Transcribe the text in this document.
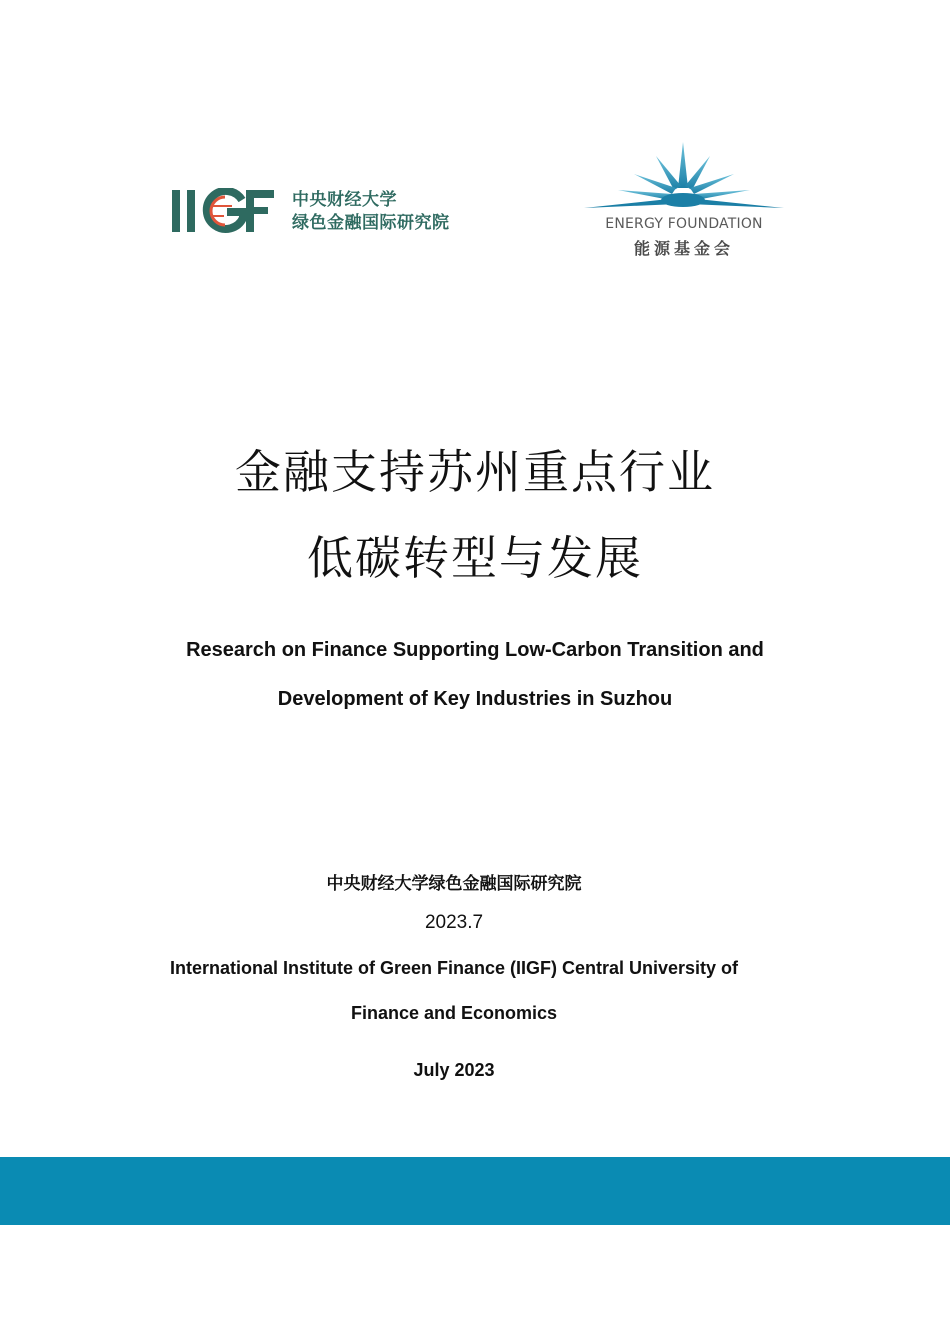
中央财经大学
绿色金融国际研究院	ENERGY FOUNDATION
能源基金会
金融支持苏州重点行业
低碳转型与发展
Research on Finance Supporting Low-Carbon Transition and
Development of Key Industries in Suzhou
中央财经大学绿色金融国际研究院
2023.7
International Institute of Green Finance (IIGF) Central University of
Finance and Economics
July 2023
